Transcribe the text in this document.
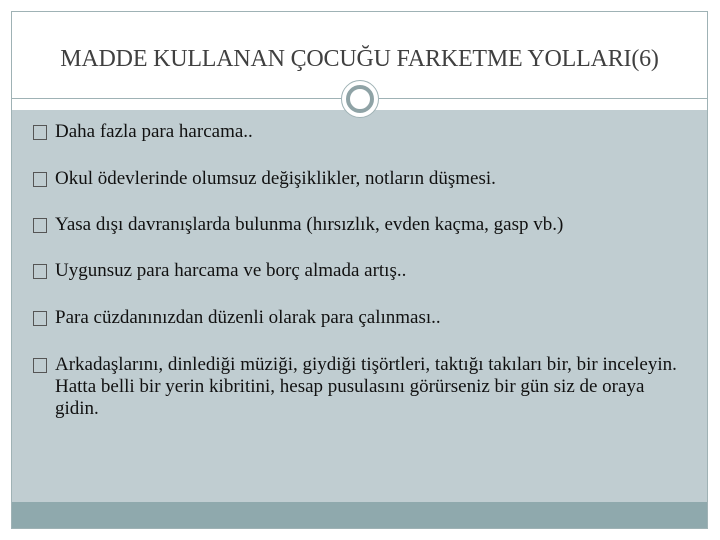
MADDE KULLANAN ÇOCUĞU FARKETME YOLLARI(6)
Daha fazla para harcama..
Okul ödevlerinde olumsuz değişiklikler, notların düşmesi.
Yasa dışı davranışlarda bulunma (hırsızlık, evden kaçma, gasp vb.)
Uygunsuz para harcama ve borç almada artış..
Para cüzdanınızdan düzenli olarak para çalınması..
Arkadaşlarını, dinlediği müziği, giydiği tişörtleri, taktığı takıları bir, bir inceleyin. Hatta belli bir yerin kibritini, hesap pusulasını görürseniz bir gün siz de oraya gidin.
